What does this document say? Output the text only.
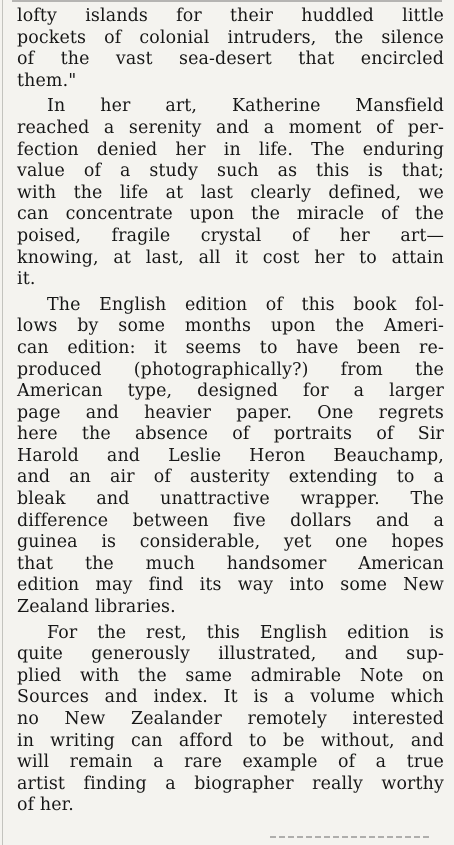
lofty islands for their huddled little
pockets of colonial intruders, the silence
of the vast sea-desert that encircled
them."

In her art, Katherine Mansfield
reached a serenity and a moment of per-
fection denied her in life. The enduring
value of a study such as this is that;
with the life at last clearly defined, we
can concentrate upon the miracle of the
poised, fragile crystal of her art—
knowing, at last, all it cost her to attain
it.

The English edition of this book fol-
lows by some months upon the Ameri-
can edition: it seems to have been re-
produced (photographically?) from the
American type, designed for a larger
page and heavier paper. One regrets
here the absence of portraits of Sir
Harold and Leslie Heron Beauchamp,
and an air of austerity extending to a
bleak and unattractive wrapper. The
difference between five dollars and a
guinea is considerable, yet one hopes
that the much handsomer American
edition may find its way into some New
Zealand libraries.

For the rest, this English edition is
quite generously illustrated, and sup-
plied with the same admirable Note on
Sources and index. It is a volume which
no New Zealander remotely interested
in writing can afford to be without, and
will remain a rare example of a true
artist finding a biographer really worthy
of her.
